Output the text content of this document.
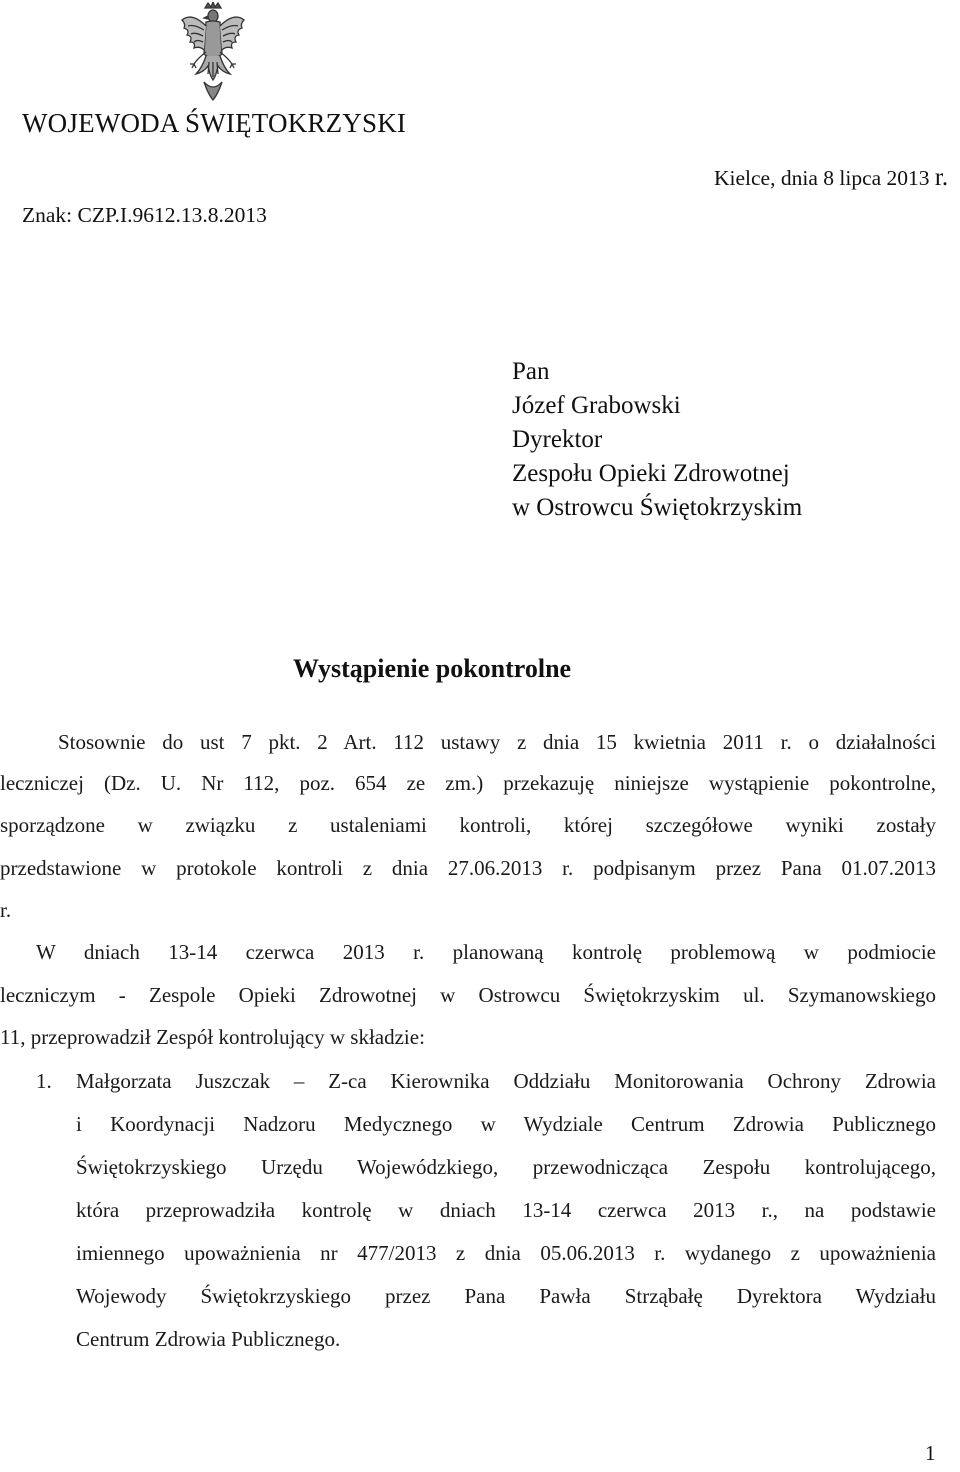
WOJEWODA ŚWIĘTOKRZYSKI
Kielce, dnia 8 lipca 2013 r.
Znak: CZP.I.9612.13.8.2013
Pan
Józef Grabowski
Dyrektor
Zespołu Opieki Zdrowotnej
w Ostrowcu Świętokrzyskim
Wystąpienie pokontrolne
Stosownie do ust 7 pkt. 2 Art. 112 ustawy z dnia 15 kwietnia 2011 r. o działalności
leczniczej (Dz. U. Nr 112, poz. 654 ze zm.) przekazuję niniejsze wystąpienie pokontrolne,
sporządzone w związku z ustaleniami kontroli, której szczegółowe wyniki zostały
przedstawione w protokole kontroli z dnia 27.06.2013 r. podpisanym przez Pana 01.07.2013
r.
W dniach 13-14 czerwca 2013 r. planowaną kontrolę problemową w podmiocie
leczniczym - Zespole Opieki Zdrowotnej w Ostrowcu Świętokrzyskim ul. Szymanowskiego
11, przeprowadził Zespół kontrolujący w składzie:
1. Małgorzata Juszczak – Z-ca Kierownika Oddziału Monitorowania Ochrony Zdrowia
i Koordynacji Nadzoru Medycznego w Wydziale Centrum Zdrowia Publicznego
Świętokrzyskiego Urzędu Wojewódzkiego, przewodnicząca Zespołu kontrolującego,
która przeprowadziła kontrolę w dniach 13-14 czerwca 2013 r., na podstawie
imiennego upoważnienia nr 477/2013 z dnia 05.06.2013 r. wydanego z upoważnienia
Wojewody Świętokrzyskiego przez Pana Pawła Strząbałę Dyrektora Wydziału
Centrum Zdrowia Publicznego.
1
